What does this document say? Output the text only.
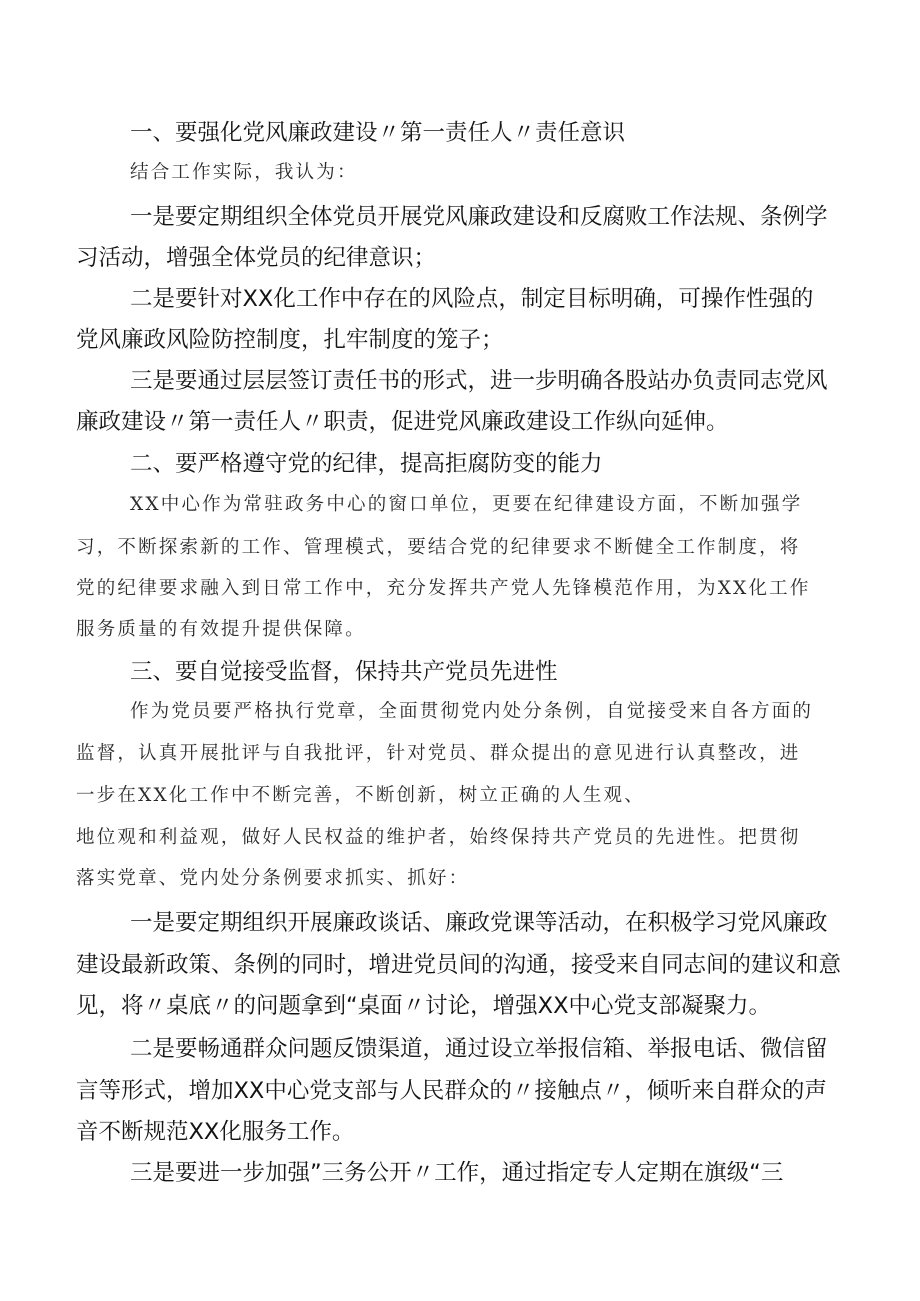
一、要强化党风廉政建设〃第一责任人〃责任意识
结合工作实际，我认为：
一是要定期组织全体党员开展党风廉政建设和反腐败工作法规、条例学
习活动，增强全体党员的纪律意识；
二是要针对XX化工作中存在的风险点，制定目标明确，可操作性强的
党风廉政风险防控制度，扎牢制度的笼子；
三是要通过层层签订责任书的形式，进一步明确各股站办负责同志党风
廉政建设〃第一责任人〃职责，促进党风廉政建设工作纵向延伸。
二、要严格遵守党的纪律，提高拒腐防变的能力
XX中心作为常驻政务中心的窗口单位，更要在纪律建设方面，不断加强学
习，不断探索新的工作、管理模式，要结合党的纪律要求不断健全工作制度，将
党的纪律要求融入到日常工作中，充分发挥共产党人先锋模范作用，为XX化工作
服务质量的有效提升提供保障。
三、要自觉接受监督，保持共产党员先进性
作为党员要严格执行党章，全面贯彻党内处分条例，自觉接受来自各方面的
监督，认真开展批评与自我批评，针对党员、群众提出的意见进行认真整改，进
一步在XX化工作中不断完善，不断创新，树立正确的人生观、
地位观和利益观，做好人民权益的维护者，始终保持共产党员的先进性。把贯彻
落实党章、党内处分条例要求抓实、抓好：
一是要定期组织开展廉政谈话、廉政党课等活动，在积极学习党风廉政
建设最新政策、条例的同时，增进党员间的沟通，接受来自同志间的建议和意
见，将〃桌底〃的问题拿到“桌面〃讨论，增强XX中心党支部凝聚力。
二是要畅通群众问题反馈渠道，通过设立举报信箱、举报电话、微信留
言等形式，增加XX中心党支部与人民群众的〃接触点〃，倾听来自群众的声
音不断规范XX化服务工作。
三是要进一步加强”三务公开〃工作，通过指定专人定期在旗级“三
